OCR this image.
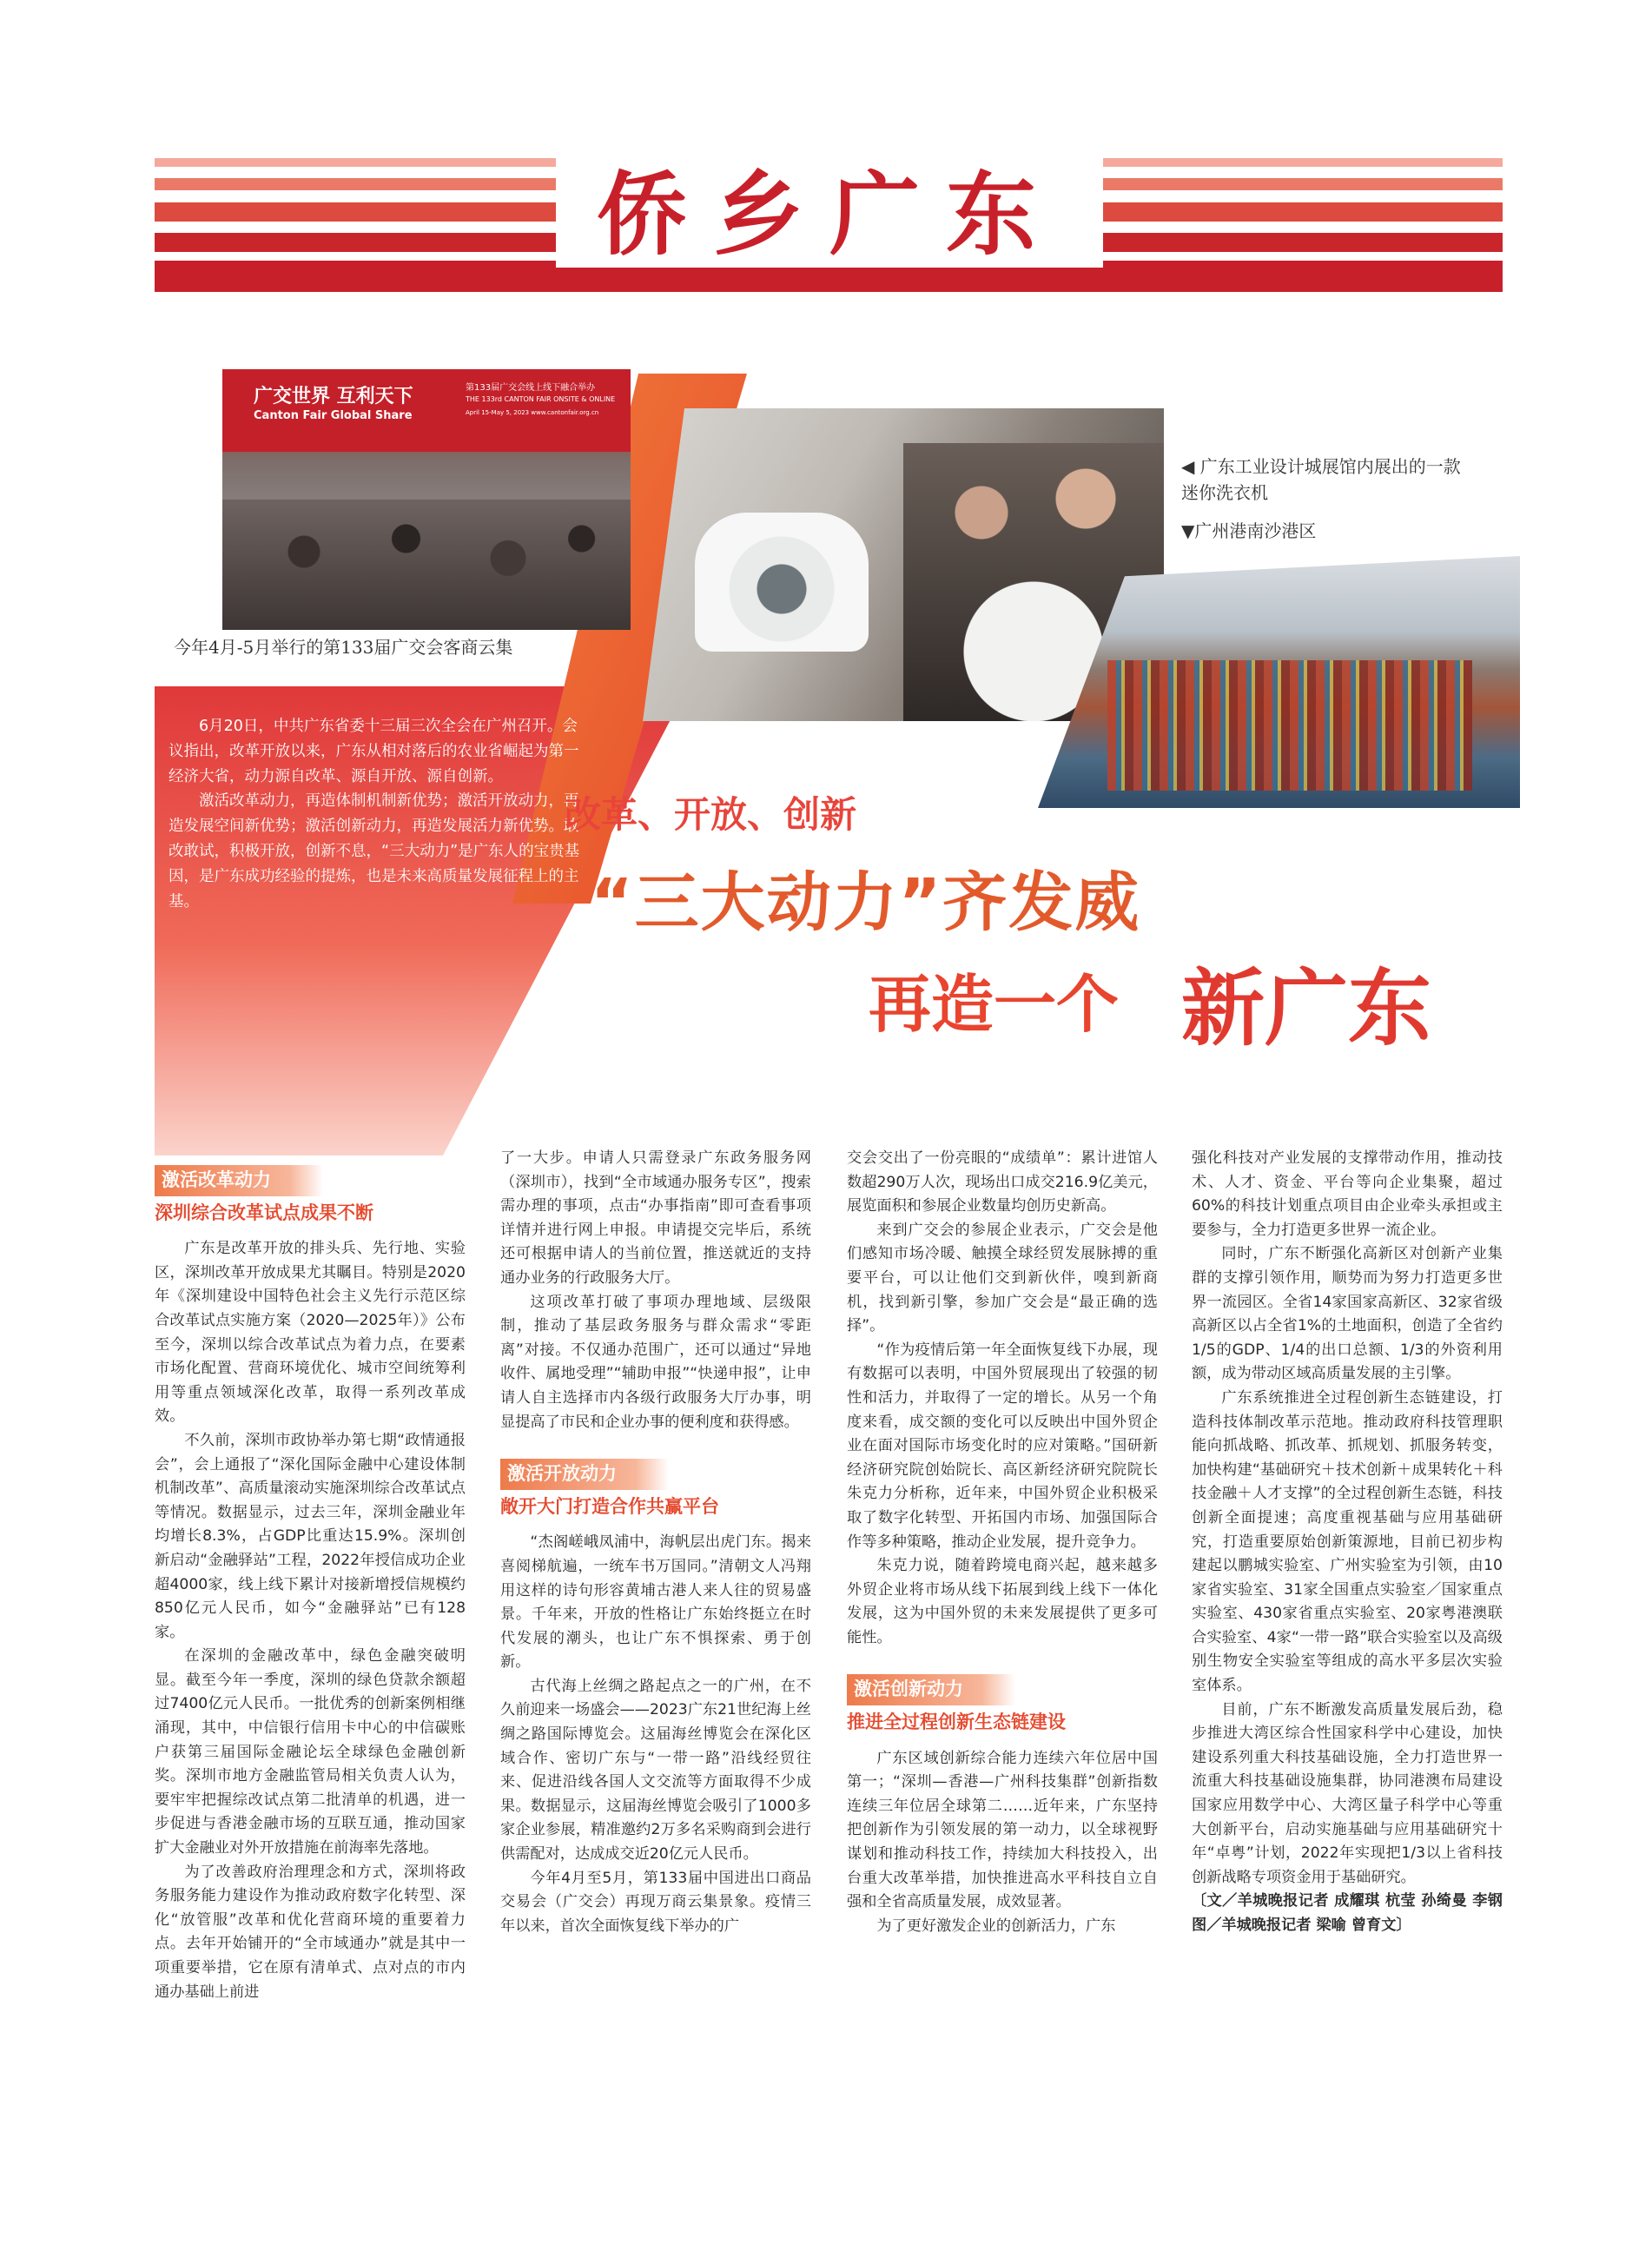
侨乡广东
广交世界 互利天下
Canton Fair Global Share
第133届广交会线上线下融合举办
THE 133rd CANTON FAIR ONSITE & ONLINE
April 15-May 5, 2023 www.cantonfair.org.cn
今年4月-5月举行的第133届广交会客商云集
◀ 广东工业设计城展馆内展出的一款迷你洗衣机
▼广州港南沙港区

6月20日，中共广东省委十三届三次全会在广州召开。会议指出，改革开放以来，广东从相对落后的农业省崛起为第一经济大省，动力源自改革、源自开放、源自创新。

激活改革动力，再造体制机制新优势；激活开放动力，再造发展空间新优势；激活创新动力，再造发展活力新优势。敢改敢试，积极开放，创新不息，“三大动力”是广东人的宝贵基因，是广东成功经验的提炼，也是未来高质量发展征程上的主基。

改革、开放、创新
“三大动力”齐发威
再造一个 新广东
激活改革动力
深圳综合改革试点成果不断

广东是改革开放的排头兵、先行地、实验区，深圳改革开放成果尤其瞩目。特别是2020年《深圳建设中国特色社会主义先行示范区综合改革试点实施方案（2020—2025年）》公布至今，深圳以综合改革试点为着力点，在要素市场化配置、营商环境优化、城市空间统筹利用等重点领域深化改革，取得一系列改革成效。

不久前，深圳市政协举办第七期“政情通报会”，会上通报了“深化国际金融中心建设体制机制改革”、高质量滚动实施深圳综合改革试点等情况。数据显示，过去三年，深圳金融业年均增长8.3%，占GDP比重达15.9%。深圳创新启动“金融驿站”工程，2022年授信成功企业超4000家，线上线下累计对接新增授信规模约850亿元人民币，如今“金融驿站”已有128家。

在深圳的金融改革中，绿色金融突破明显。截至今年一季度，深圳的绿色贷款余额超过7400亿元人民币。一批优秀的创新案例相继涌现，其中，中信银行信用卡中心的中信碳账户获第三届国际金融论坛全球绿色金融创新奖。深圳市地方金融监管局相关负责人认为，要牢牢把握综改试点第二批清单的机遇，进一步促进与香港金融市场的互联互通，推动国家扩大金融业对外开放措施在前海率先落地。

为了改善政府治理理念和方式，深圳将政务服务能力建设作为推动政府数字化转型、深化“放管服”改革和优化营商环境的重要着力点。去年开始铺开的“全市域通办”就是其中一项重要举措，它在原有清单式、点对点的市内通办基础上前进

了一大步。申请人只需登录广东政务服务网（深圳市），找到“全市域通办服务专区”，搜索需办理的事项，点击“办事指南”即可查看事项详情并进行网上申报。申请提交完毕后，系统还可根据申请人的当前位置，推送就近的支持通办业务的行政服务大厅。

这项改革打破了事项办理地域、层级限制，推动了基层政务服务与群众需求“零距离”对接。不仅通办范围广，还可以通过“异地收件、属地受理”“辅助申报”“快递申报”，让申请人自主选择市内各级行政服务大厅办事，明显提高了市民和企业办事的便利度和获得感。

激活开放动力
敞开大门打造合作共赢平台

“杰阁嵯峨凤浦中，海帆层出虎门东。揭来喜阅梯航遍，一统车书万国同。”清朝文人冯翔用这样的诗句形容黄埔古港人来人往的贸易盛景。千年来，开放的性格让广东始终挺立在时代发展的潮头，也让广东不惧探索、勇于创新。

古代海上丝绸之路起点之一的广州，在不久前迎来一场盛会——2023广东21世纪海上丝绸之路国际博览会。这届海丝博览会在深化区域合作、密切广东与“一带一路”沿线经贸往来、促进沿线各国人文交流等方面取得不少成果。数据显示，这届海丝博览会吸引了1000多家企业参展，精准邀约2万多名采购商到会进行供需配对，达成成交近20亿元人民币。

今年4月至5月，第133届中国进出口商品交易会（广交会）再现万商云集景象。疫情三年以来，首次全面恢复线下举办的广

交会交出了一份亮眼的“成绩单”：累计进馆人数超290万人次，现场出口成交216.9亿美元，展览面积和参展企业数量均创历史新高。

来到广交会的参展企业表示，广交会是他们感知市场冷暖、触摸全球经贸发展脉搏的重要平台，可以让他们交到新伙伴，嗅到新商机，找到新引擎，参加广交会是“最正确的选择”。

“作为疫情后第一年全面恢复线下办展，现有数据可以表明，中国外贸展现出了较强的韧性和活力，并取得了一定的增长。从另一个角度来看，成交额的变化可以反映出中国外贸企业在面对国际市场变化时的应对策略。”国研新经济研究院创始院长、高区新经济研究院院长朱克力分析称，近年来，中国外贸企业积极采取了数字化转型、开拓国内市场、加强国际合作等多种策略，推动企业发展，提升竞争力。

朱克力说，随着跨境电商兴起，越来越多外贸企业将市场从线下拓展到线上线下一体化发展，这为中国外贸的未来发展提供了更多可能性。

激活创新动力
推进全过程创新生态链建设

广东区域创新综合能力连续六年位居中国第一；“深圳—香港—广州科技集群”创新指数连续三年位居全球第二……近年来，广东坚持把创新作为引领发展的第一动力，以全球视野谋划和推动科技工作，持续加大科技投入，出台重大改革举措，加快推进高水平科技自立自强和全省高质量发展，成效显著。

为了更好激发企业的创新活力，广东

强化科技对产业发展的支撑带动作用，推动技术、人才、资金、平台等向企业集聚，超过60%的科技计划重点项目由企业牵头承担或主要参与，全力打造更多世界一流企业。

同时，广东不断强化高新区对创新产业集群的支撑引领作用，顺势而为努力打造更多世界一流园区。全省14家国家高新区、32家省级高新区以占全省1%的土地面积，创造了全省约1/5的GDP、1/4的出口总额、1/3的外资利用额，成为带动区域高质量发展的主引擎。

广东系统推进全过程创新生态链建设，打造科技体制改革示范地。推动政府科技管理职能向抓战略、抓改革、抓规划、抓服务转变，加快构建“基础研究＋技术创新＋成果转化＋科技金融＋人才支撑”的全过程创新生态链，科技创新全面提速；高度重视基础与应用基础研究，打造重要原始创新策源地，目前已初步构建起以鹏城实验室、广州实验室为引领，由10家省实验室、31家全国重点实验室／国家重点实验室、430家省重点实验室、20家粤港澳联合实验室、4家“一带一路”联合实验室以及高级别生物安全实验室等组成的高水平多层次实验室体系。

目前，广东不断激发高质量发展后劲，稳步推进大湾区综合性国家科学中心建设，加快建设系列重大科技基础设施，全力打造世界一流重大科技基础设施集群，协同港澳布局建设国家应用数学中心、大湾区量子科学中心等重大创新平台，启动实施基础与应用基础研究十年“卓粤”计划，2022年实现把1/3以上省科技创新战略专项资金用于基础研究。

〔文／羊城晚报记者 成耀琪 杭莹 孙绮曼 李钢 图／羊城晚报记者 梁喻 曾育文〕
